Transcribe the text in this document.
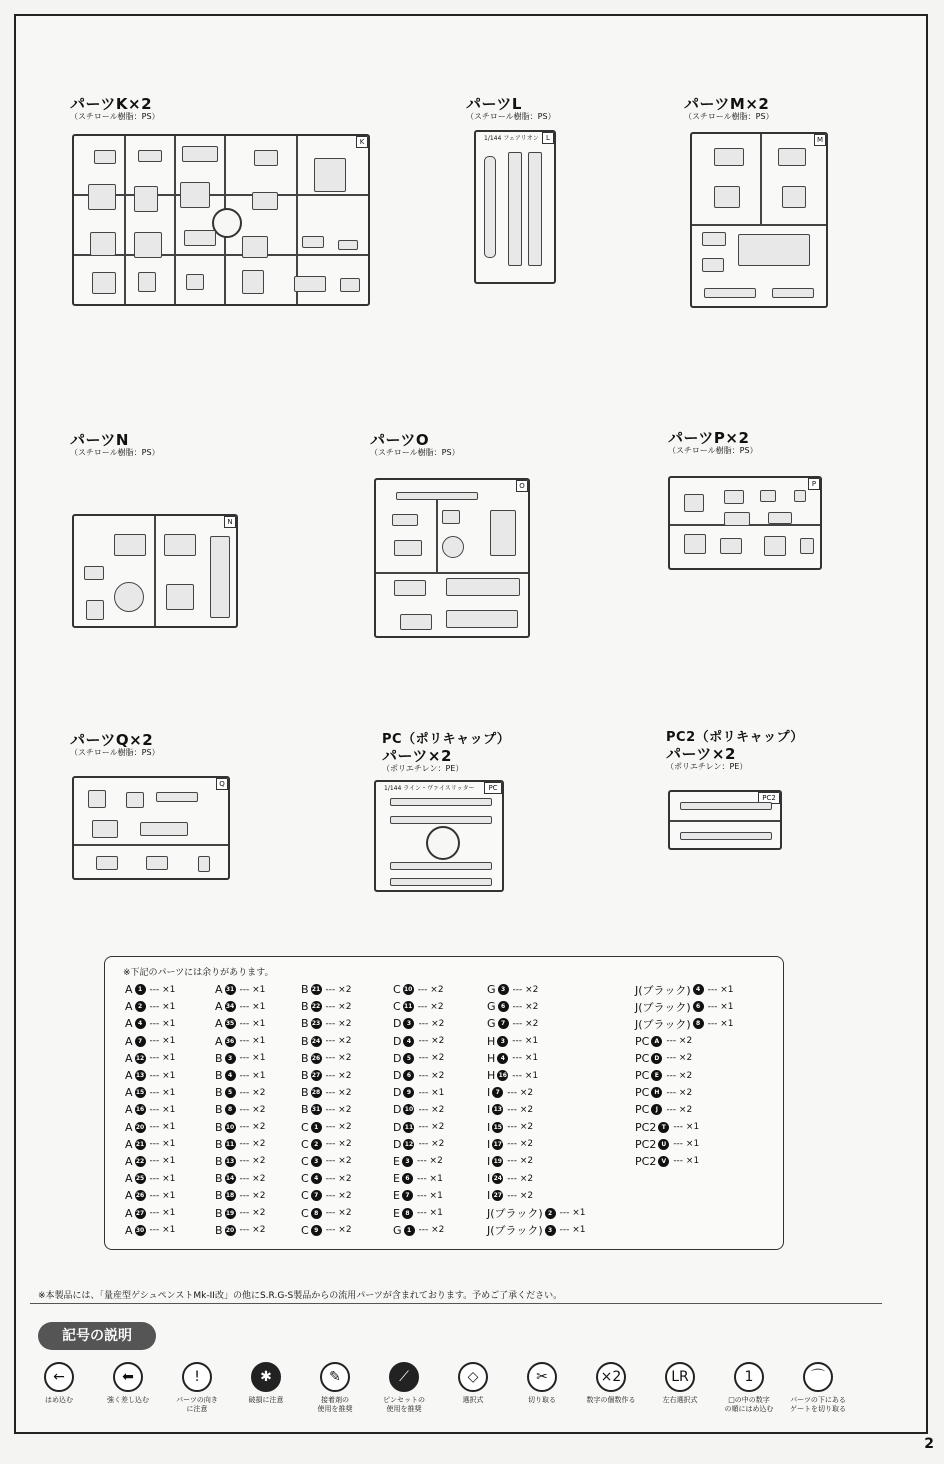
パーツK×2
（スチロール樹脂：PS）
K
パーツL
（スチロール樹脂：PS）
1/144 フェアリオン	L
パーツM×2
（スチロール樹脂：PS）
M
パーツN
（スチロール樹脂：PS）
N
パーツO
（スチロール樹脂：PS）
O
パーツP×2
（スチロール樹脂：PS）
P
パーツQ×2
（スチロール樹脂：PS）
Q
PC（ポリキャップ）
パーツ×2
（ポリエチレン：PE）
1/144 ライン・ヴァイスリッター	PC
PC2（ポリキャップ）
パーツ×2
（ポリエチレン：PE）
PC2
※下記のパーツには余りがあります。
A 1 --- ×1
A 2 --- ×1
A 4 --- ×1
A 7 --- ×1
A 12 --- ×1
A 13 --- ×1
A 15 --- ×1
A 16 --- ×1
A 20 --- ×1
A 21 --- ×1
A 22 --- ×1
A 25 --- ×1
A 26 --- ×1
A 27 --- ×1
A 30 --- ×1
A 31 --- ×1
A 34 --- ×1
A 35 --- ×1
A 36 --- ×1
B 3 --- ×1
B 4 --- ×1
B 5 --- ×2
B 8 --- ×2
B 10 --- ×2
B 11 --- ×2
B 13 --- ×2
B 14 --- ×2
B 18 --- ×2
B 19 --- ×2
B 20 --- ×2
B 21 --- ×2
B 22 --- ×2
B 23 --- ×2
B 24 --- ×2
B 26 --- ×2
B 27 --- ×2
B 28 --- ×2
B 31 --- ×2
C 1 --- ×2
C 2 --- ×2
C 3 --- ×2
C 4 --- ×2
C 7 --- ×2
C 8 --- ×2
C 9 --- ×2
C 10 --- ×2
C 11 --- ×2
D 3 --- ×2
D 4 --- ×2
D 5 --- ×2
D 6 --- ×2
D 9 --- ×1
D 10 --- ×2
D 11 --- ×2
D 12 --- ×2
E 3 --- ×2
E 6 --- ×1
E 7 --- ×1
E 8 --- ×1
G 1 --- ×2
G 3 --- ×2
G 6 --- ×2
G 7 --- ×2
H 3 --- ×1
H 4 --- ×1
H 16 --- ×1
I 7 --- ×2
I 13 --- ×2
I 15 --- ×2
I 17 --- ×2
I 19 --- ×2
I 24 --- ×2
I 27 --- ×2
J(ブラック) 2 --- ×1
J(ブラック) 3 --- ×1
J(ブラック) 4 --- ×1
J(ブラック) 6 --- ×1
J(ブラック) 8 --- ×1
PC A --- ×2
PC D --- ×2
PC E --- ×2
PC H --- ×2
PC	J --- ×2
PC2 T --- ×1
PC2 U --- ×1
PC2 V --- ×1
※本製品には、「量産型ゲシュペンストMk-II改」の他にS.R.G-S製品からの流用パーツが含まれております。予めご了承ください。
記号の説明
←
はめ込む
⬅
強く差し込む
!
パーツの向き
に注意
✱
破損に注意
✎
接着剤の
使用を推奨
⟋
ピンセットの
使用を推奨
◇
選択式
✂
切り取る
×2
数字の個数作る
LR
左右選択式
1
□の中の数字
の順にはめ込む
⌒
パーツの下にある
ゲートを切り取る
2
